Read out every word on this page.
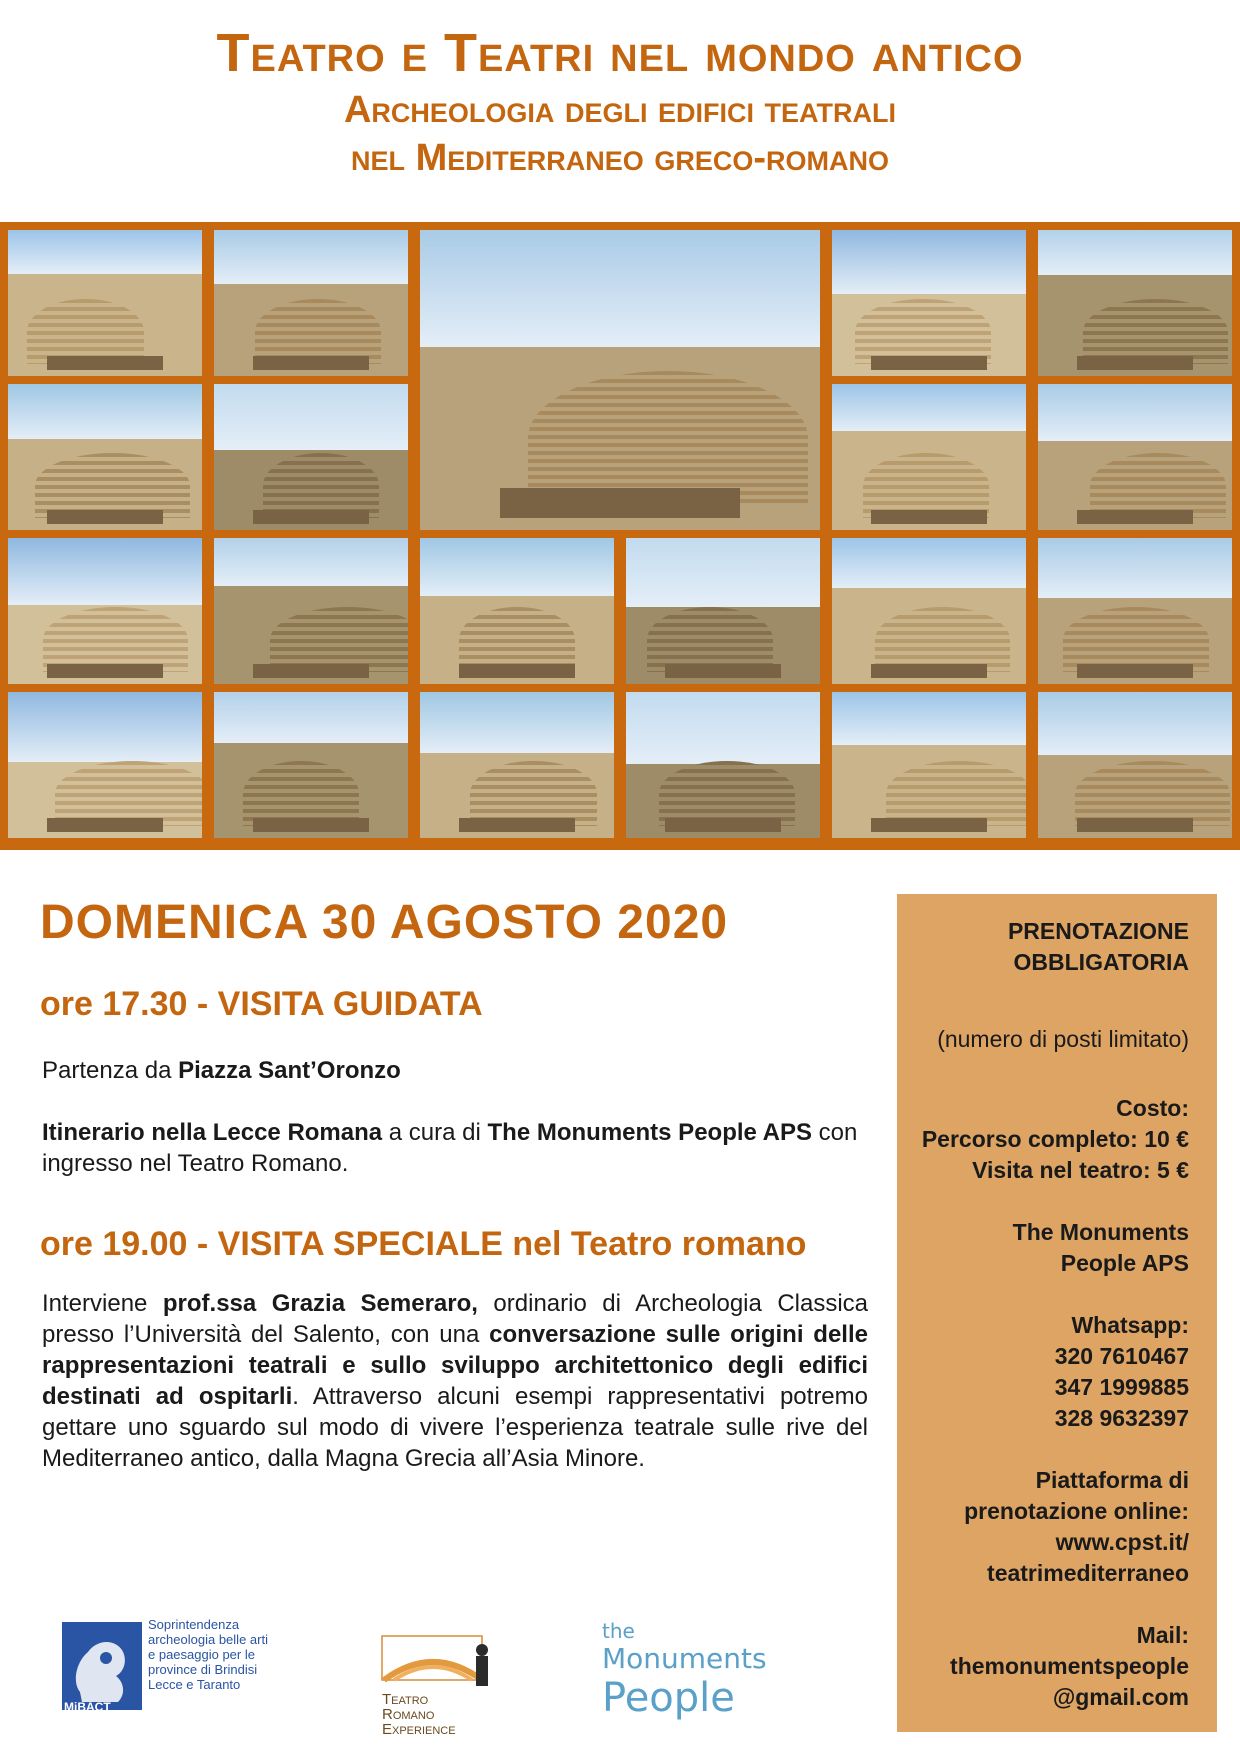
Teatro e Teatri nel mondo antico
Archeologia degli edifici teatrali
nel Mediterraneo greco-romano
DOMENICA 30 AGOSTO 2020
ore 17.30 - VISITA GUIDATA
Partenza da Piazza Sant’Oronzo
Itinerario nella Lecce Romana a cura di The Monuments People APS con ingresso nel Teatro Romano.
ore 19.00 - VISITA SPECIALE nel Teatro romano
Interviene prof.ssa Grazia Semeraro, ordinario di Archeologia Classica presso l’Università del Salento, con una conversazione sulle origini delle rappresentazioni teatrali e sullo sviluppo architettonico degli edifici destinati ad ospitarli. Attraverso alcuni esempi rappresentativi potremo gettare uno sguardo sul modo di vivere l’esperienza teatrale sulle rive del Mediterraneo antico, dalla Magna Grecia all’Asia Minore.
PRENOTAZIONE
OBBLIGATORIA
(numero di posti limitato)
Costo:
Percorso completo: 10 €
Visita nel teatro: 5 €
The Monuments
People APS
Whatsapp:
320 7610467
347 1999885
328 9632397
Piattaforma di
prenotazione online:
www.cpst.it/
teatrimediterraneo
Mail:
themonumentspeople
@gmail.com
MiBACT
Soprintendenza archeologia belle arti e paesaggio per le province di Brindisi Lecce e Taranto
Teatro
Romano
Experience
the
Monuments
People
